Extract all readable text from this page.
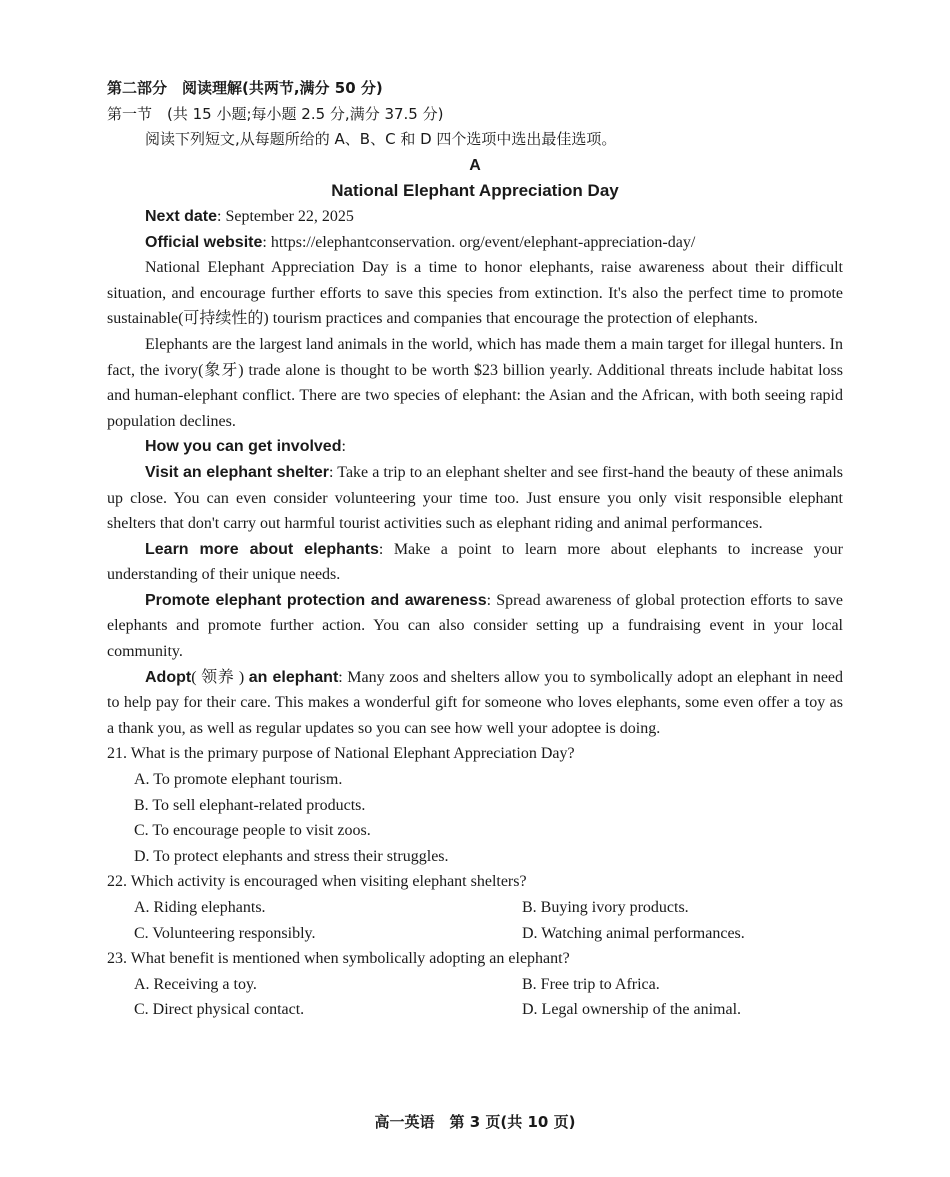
第二部分　阅读理解(共两节,满分 50 分)

第一节　(共 15 小题;每小题 2.5 分,满分 37.5 分)

阅读下列短文,从每题所给的 A、B、C 和 D 四个选项中选出最佳选项。

A

National Elephant Appreciation Day

Next date: September 22, 2025

Official website: https://elephantconservation. org/event/elephant-appreciation-day/

National Elephant Appreciation Day is a time to honor elephants, raise awareness about their difficult situation, and encourage further efforts to save this species from extinction. It's also the perfect time to promote sustainable(可持续性的) tourism practices and companies that encourage the protection of elephants.

Elephants are the largest land animals in the world, which has made them a main target for illegal hunters. In fact, the ivory(象牙) trade alone is thought to be worth $23 billion yearly. Additional threats include habitat loss and human-elephant conflict. There are two species of elephant: the Asian and the African, with both seeing rapid population declines.

How you can get involved:

Visit an elephant shelter: Take a trip to an elephant shelter and see first-hand the beauty of these animals up close. You can even consider volunteering your time too. Just ensure you only visit responsible elephant shelters that don't carry out harmful tourist activities such as elephant riding and animal performances.

Learn more about elephants: Make a point to learn more about elephants to increase your understanding of their unique needs.

Promote elephant protection and awareness: Spread awareness of global protection efforts to save elephants and promote further action. You can also consider setting up a fundraising event in your local community.

Adopt( 领养 ) an elephant: Many zoos and shelters allow you to symbolically adopt an elephant in need to help pay for their care. This makes a wonderful gift for someone who loves elephants, some even offer a toy as a thank you, as well as regular updates so you can see how well your adoptee is doing.

21. What is the primary purpose of National Elephant Appreciation Day?

A. To promote elephant tourism.

B. To sell elephant-related products.

C. To encourage people to visit zoos.

D. To protect elephants and stress their struggles.

22. Which activity is encouraged when visiting elephant shelters?

A. Riding elephants.	B. Buying ivory products.

C. Volunteering responsibly.	D. Watching animal performances.

23. What benefit is mentioned when symbolically adopting an elephant?

A. Receiving a toy.	B. Free trip to Africa.

C. Direct physical contact.	D. Legal ownership of the animal.

高一英语　第 3 页(共 10 页)
